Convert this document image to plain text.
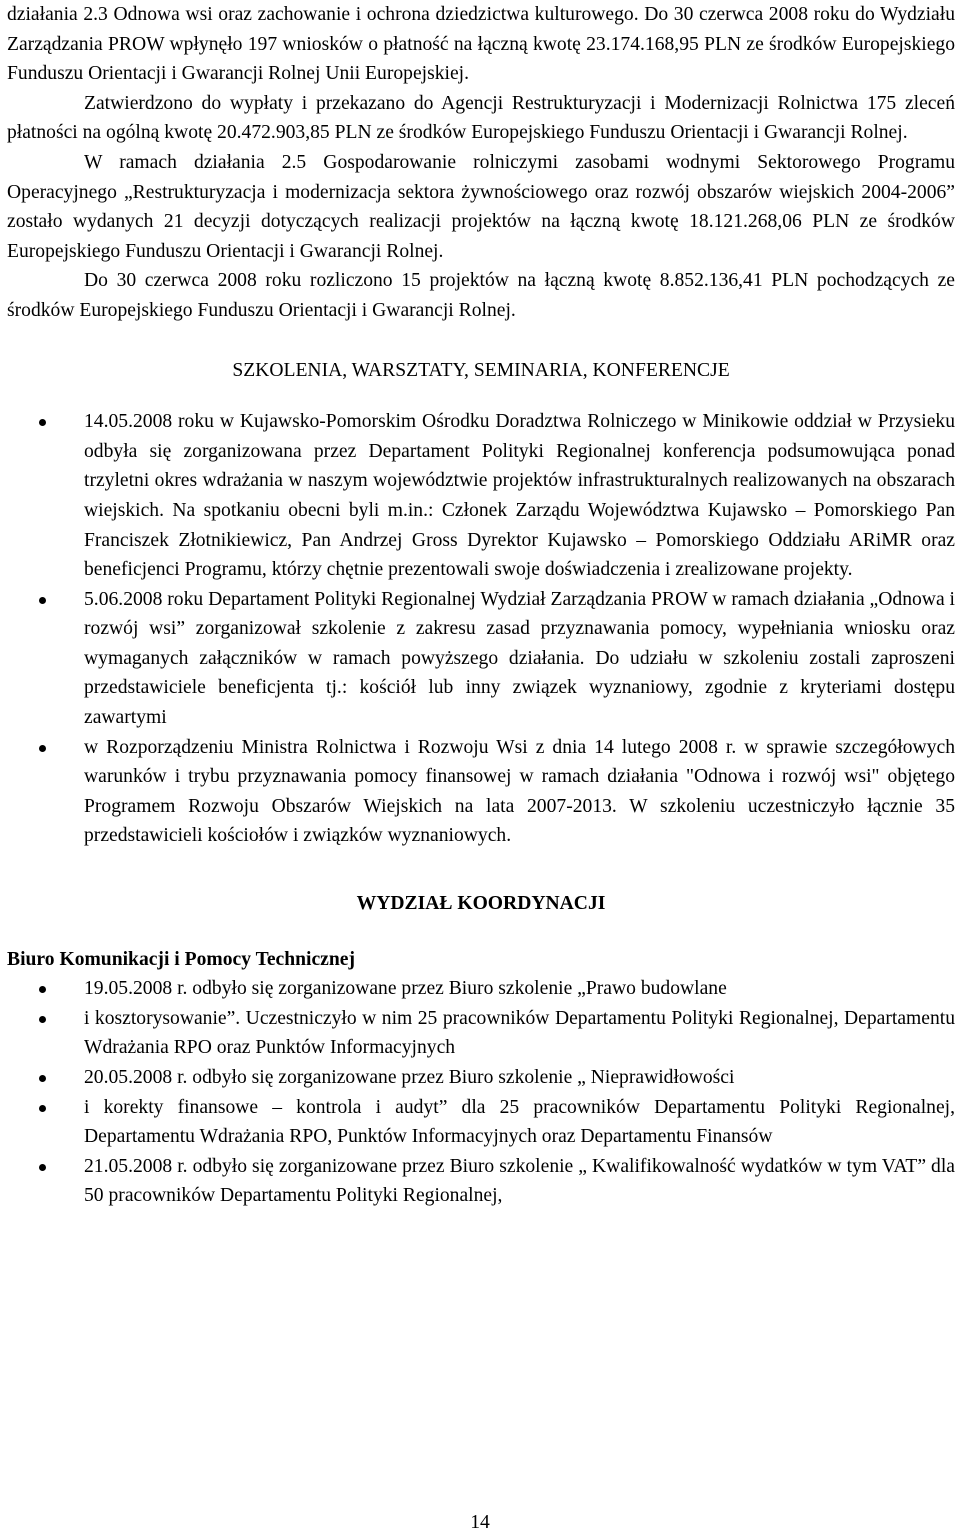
działania 2.3 Odnowa wsi oraz zachowanie i ochrona dziedzictwa kulturowego. Do 30 czerwca 2008 roku do Wydziału Zarządzania PROW wpłynęło 197 wniosków o płatność na łączną kwotę 23.174.168,95 PLN ze środków Europejskiego Funduszu Orientacji i Gwarancji Rolnej Unii Europejskiej.

Zatwierdzono do wypłaty i przekazano do Agencji Restrukturyzacji i Modernizacji Rolnictwa 175 zleceń płatności na ogólną kwotę 20.472.903,85 PLN ze środków Europejskiego Funduszu Orientacji i Gwarancji Rolnej.

W ramach działania 2.5 Gospodarowanie rolniczymi zasobami wodnymi Sektorowego Programu Operacyjnego „Restrukturyzacja i modernizacja sektora żywnościowego oraz rozwój obszarów wiejskich 2004-2006” zostało wydanych 21 decyzji dotyczących realizacji projektów na łączną kwotę 18.121.268,06 PLN ze środków Europejskiego Funduszu Orientacji i Gwarancji Rolnej.

Do 30 czerwca 2008 roku rozliczono 15 projektów na łączną kwotę 8.852.136,41 PLN pochodzących ze środków Europejskiego Funduszu Orientacji i Gwarancji Rolnej.

SZKOLENIA, WARSZTATY, SEMINARIA, KONFERENCJE
14.05.2008 roku w Kujawsko-Pomorskim Ośrodku Doradztwa Rolniczego w Minikowie oddział w Przysieku odbyła się zorganizowana przez Departament Polityki Regionalnej konferencja podsumowująca ponad trzyletni okres wdrażania w naszym województwie projektów infrastrukturalnych realizowanych na obszarach wiejskich. Na spotkaniu obecni byli m.in.: Członek Zarządu Województwa Kujawsko – Pomorskiego Pan Franciszek Złotnikiewicz, Pan Andrzej Gross Dyrektor Kujawsko – Pomorskiego Oddziału ARiMR oraz beneficjenci Programu, którzy chętnie prezentowali swoje doświadczenia i zrealizowane projekty.
5.06.2008 roku Departament Polityki Regionalnej Wydział Zarządzania PROW w ramach działania „Odnowa i rozwój wsi” zorganizował szkolenie z zakresu zasad przyznawania pomocy, wypełniania wniosku oraz wymaganych załączników w ramach powyższego działania. Do udziału w szkoleniu zostali zaproszeni przedstawiciele beneficjenta tj.: kościół lub inny związek wyznaniowy, zgodnie z kryteriami dostępu zawartymi
w Rozporządzeniu Ministra Rolnictwa i Rozwoju Wsi z dnia 14 lutego 2008 r. w sprawie szczegółowych warunków i trybu przyznawania pomocy finansowej w ramach działania "Odnowa i rozwój wsi" objętego Programem Rozwoju Obszarów Wiejskich na lata 2007-2013. W szkoleniu uczestniczyło łącznie 35 przedstawicieli kościołów i związków wyznaniowych.
WYDZIAŁ KOORDYNACJI

Biuro Komunikacji i Pomocy Technicznej

19.05.2008 r. odbyło się zorganizowane przez Biuro szkolenie „Prawo budowlane
i kosztorysowanie”. Uczestniczyło w nim 25 pracowników Departamentu Polityki Regionalnej, Departamentu Wdrażania RPO oraz Punktów Informacyjnych
20.05.2008 r. odbyło się zorganizowane przez Biuro szkolenie „ Nieprawidłowości
i korekty finansowe – kontrola i audyt” dla 25 pracowników Departamentu Polityki Regionalnej, Departamentu Wdrażania RPO, Punktów Informacyjnych oraz Departamentu Finansów
21.05.2008 r. odbyło się zorganizowane przez Biuro szkolenie „ Kwalifikowalność wydatków w tym VAT” dla 50 pracowników Departamentu Polityki Regionalnej,
14
